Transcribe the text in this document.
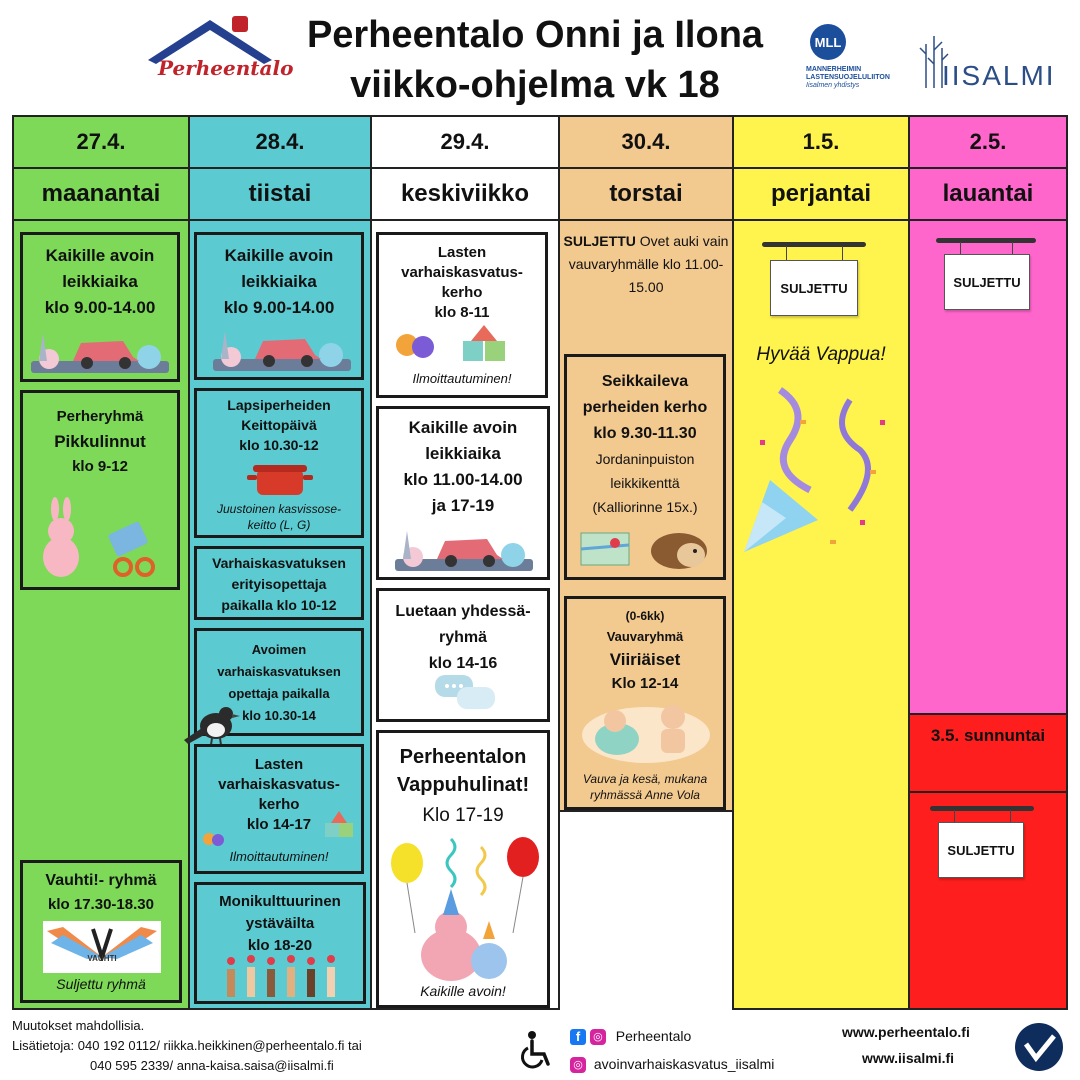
Perheentalo
Perheentalo Onni ja Ilona
viikko-ohjelma vk 18
MLL
MANNERHEIMIN
LASTENSUOJELULIITON
Iisalmen yhdistys	IISALMI
27.4.
maanantai
Kaikille avoin
leikkiaika
klo 9.00-14.00
Perheryhmä
Pikkulinnut
klo 9-12
Vauhti!- ryhmä
klo 17.30-18.30
VAUHTI
Suljettu ryhmä
28.4.
tiistai
Kaikille avoin
leikkiaika
klo 9.00-14.00
Lapsiperheiden
Keittopäivä
klo 10.30-12
Juustoinen kasvissose-
keitto (L, G)
Varhaiskasvatuksen
erityisopettaja
paikalla klo 10-12
Avoimen
varhaiskasvatuksen
opettaja paikalla
klo 10.30-14
Lasten
varhaiskasvatus-
kerho
klo 14-17
Ilmoittautuminen!
Monikulttuurinen
ystäväilta
klo 18-20
29.4.
keskiviikko
Lasten
varhaiskasvatus-
kerho
klo 8-11
Ilmoittautuminen!
Kaikille avoin
leikkiaika
klo 11.00-14.00
ja 17-19
Luetaan yhdessä-
ryhmä
klo 14-16
Perheentalon
Vappuhulinat!
Klo 17-19
Kaikille avoin!
30.4.
torstai
SULJETTU Ovet auki vain vauvaryhmälle klo 11.00-15.00
Seikkaileva
perheiden kerho
klo 9.30-11.30
Jordaninpuiston
leikkikenttä
(Kalliorinne 15x.)
(0-6kk)
Vauvaryhmä
Viiriäiset
Klo 12-14
Vauva ja kesä, mukana
ryhmässä Anne Vola
1.5.
perjantai
SULJETTU
Hyvää Vappua!
2.5.
lauantai
SULJETTU
3.5. sunnuntai
SULJETTU
Muutokset mahdollisia.
Lisätietoja: 040 192 0112/ riikka.heikkinen@perheentalo.fi tai
040 595 2339/ anna-kaisa.saisa@iisalmi.fi
f ◎ Perheentalo
◎ avoinvarhaiskasvatus_iisalmi
www.perheentalo.fi
www.iisalmi.fi
